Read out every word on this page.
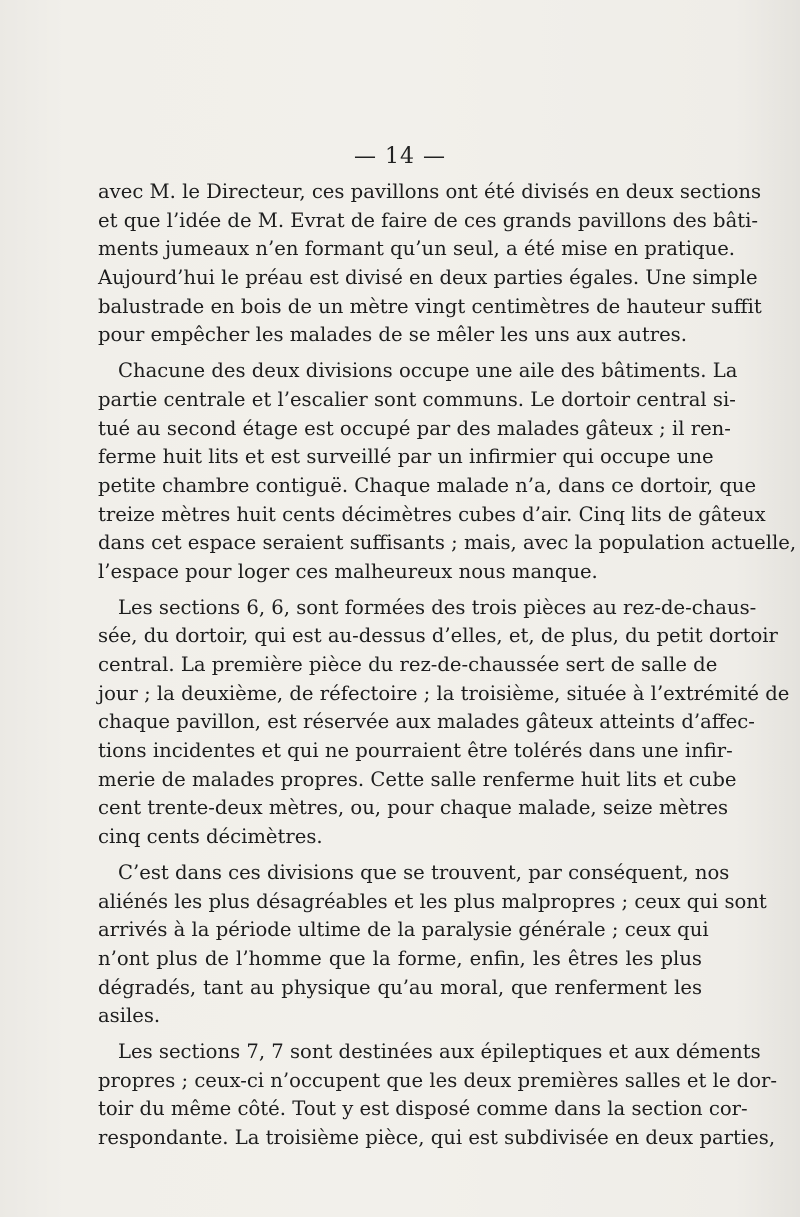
— 14 —
avec M. le Directeur, ces pavillons ont été divisés en deux sections
et que l’idée de M. Evrat de faire de ces grands pavillons des bâti-
ments jumeaux n’en formant qu’un seul, a été mise en pratique.
Aujourd’hui le préau est divisé en deux parties égales. Une simple
balustrade en bois de un mètre vingt centimètres de hauteur suffit
pour empêcher les malades de se mêler les uns aux autres.
Chacune des deux divisions occupe une aile des bâtiments. La
partie centrale et l’escalier sont communs. Le dortoir central si-
tué au second étage est occupé par des malades gâteux ; il ren-
ferme huit lits et est surveillé par un infirmier qui occupe une
petite chambre contiguë. Chaque malade n’a, dans ce dortoir, que
treize mètres huit cents décimètres cubes d’air. Cinq lits de gâteux
dans cet espace seraient suffisants ; mais, avec la population actuelle,
l’espace pour loger ces malheureux nous manque.
Les sections 6, 6, sont formées des trois pièces au rez-de-chaus-
sée, du dortoir, qui est au-dessus d’elles, et, de plus, du petit dortoir
central. La première pièce du rez-de-chaussée sert de salle de
jour ; la deuxième, de réfectoire ; la troisième, située à l’extrémité de
chaque pavillon, est réservée aux malades gâteux atteints d’affec-
tions incidentes et qui ne pourraient être tolérés dans une infir-
merie de malades propres. Cette salle renferme huit lits et cube
cent trente-deux mètres, ou, pour chaque malade, seize mètres
cinq cents décimètres.
C’est dans ces divisions que se trouvent, par conséquent, nos
aliénés les plus désagréables et les plus malpropres ; ceux qui sont
arrivés à la période ultime de la paralysie générale ; ceux qui
n’ont plus de l’homme que la forme, enfin, les êtres les plus
dégradés, tant au physique qu’au moral, que renferment les
asiles.
Les sections 7, 7 sont destinées aux épileptiques et aux déments
propres ; ceux-ci n’occupent que les deux premières salles et le dor-
toir du même côté. Tout y est disposé comme dans la section cor-
respondante. La troisième pièce, qui est subdivisée en deux parties,
